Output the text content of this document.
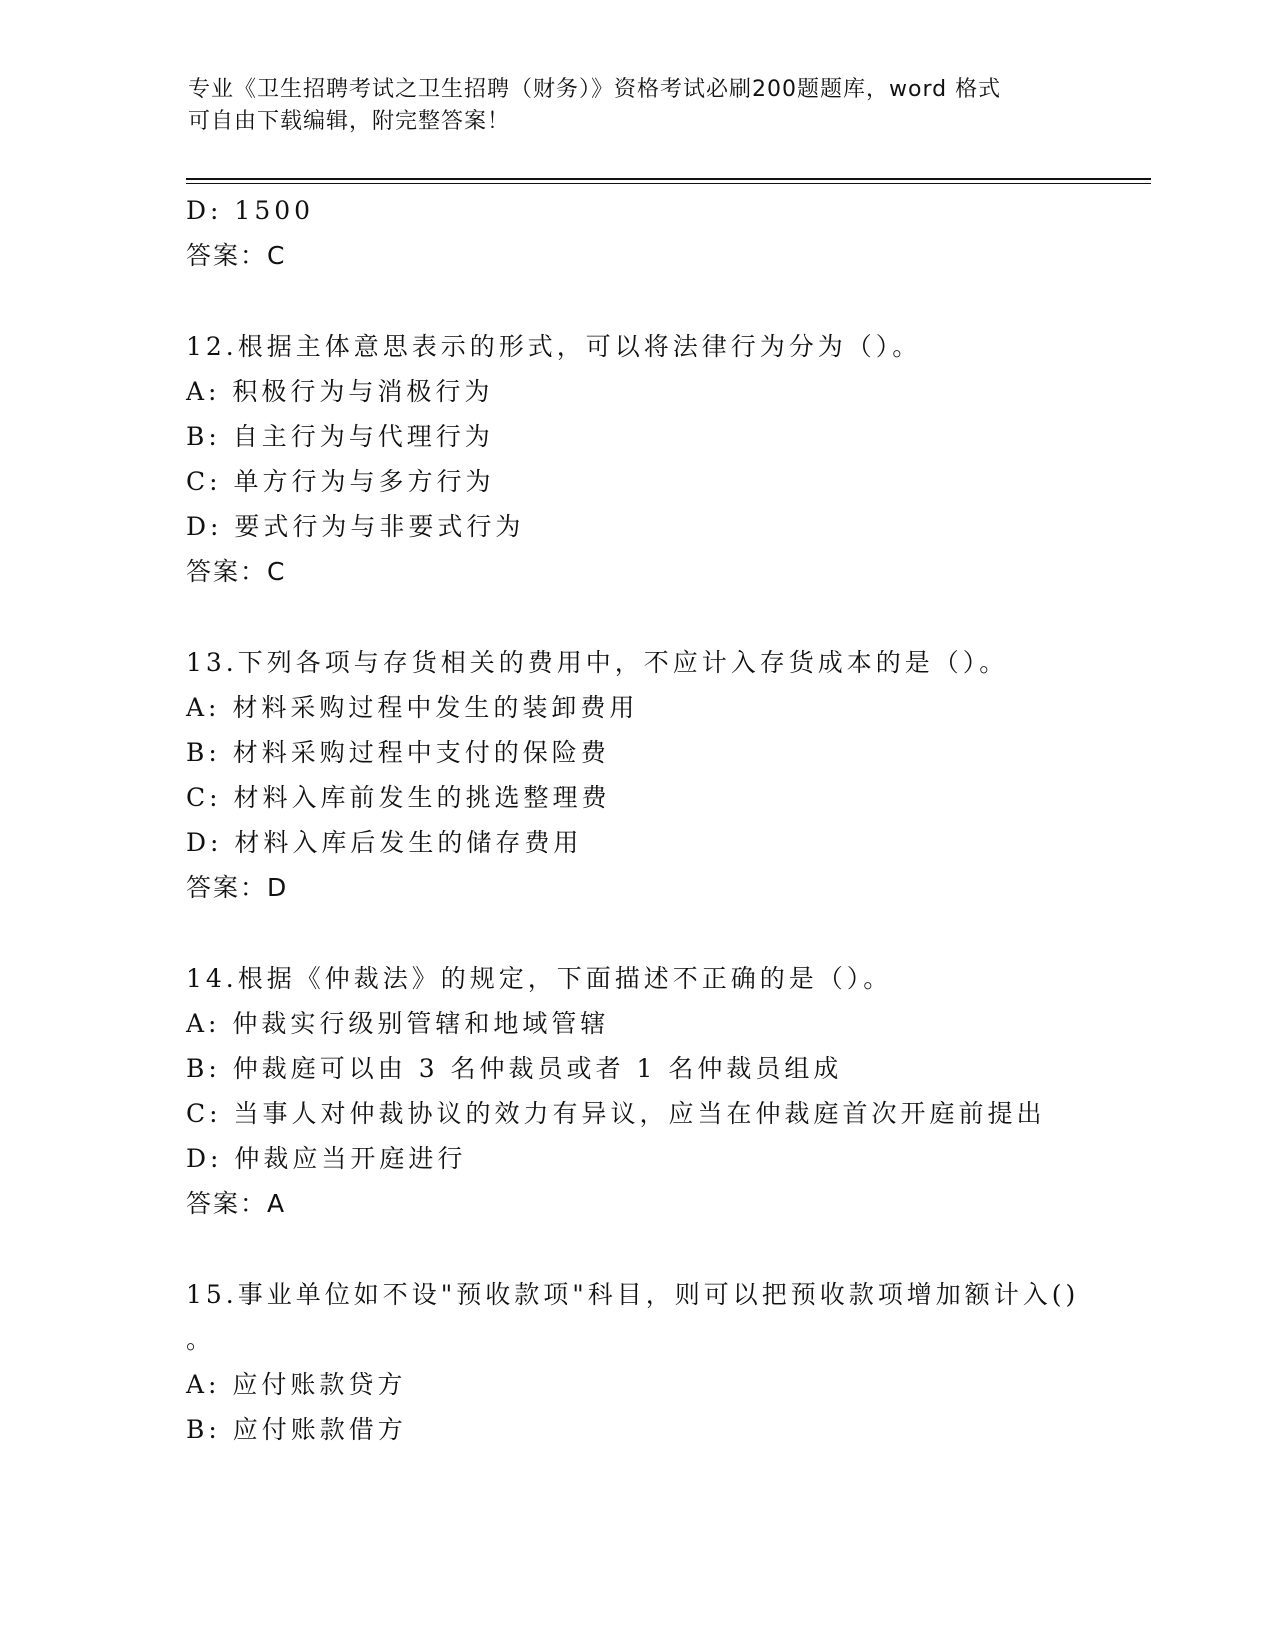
专业《卫生招聘考试之卫生招聘（财务）》资格考试必刷200题题库，word 格式
可自由下载编辑，附完整答案！
D: 1500
答案：C
12.根据主体意思表示的形式，可以将法律行为分为（）。
A: 积极行为与消极行为
B: 自主行为与代理行为
C: 单方行为与多方行为
D: 要式行为与非要式行为
答案：C
13.下列各项与存货相关的费用中，不应计入存货成本的是（）。
A: 材料采购过程中发生的装卸费用
B: 材料采购过程中支付的保险费
C: 材料入库前发生的挑选整理费
D: 材料入库后发生的储存费用
答案：D
14.根据《仲裁法》的规定，下面描述不正确的是（）。
A: 仲裁实行级别管辖和地域管辖
B: 仲裁庭可以由 3 名仲裁员或者 1 名仲裁员组成
C: 当事人对仲裁协议的效力有异议，应当在仲裁庭首次开庭前提出
D: 仲裁应当开庭进行
答案：A
15.事业单位如不设"预收款项"科目，则可以把预收款项增加额计入()
。
A: 应付账款贷方
B: 应付账款借方
